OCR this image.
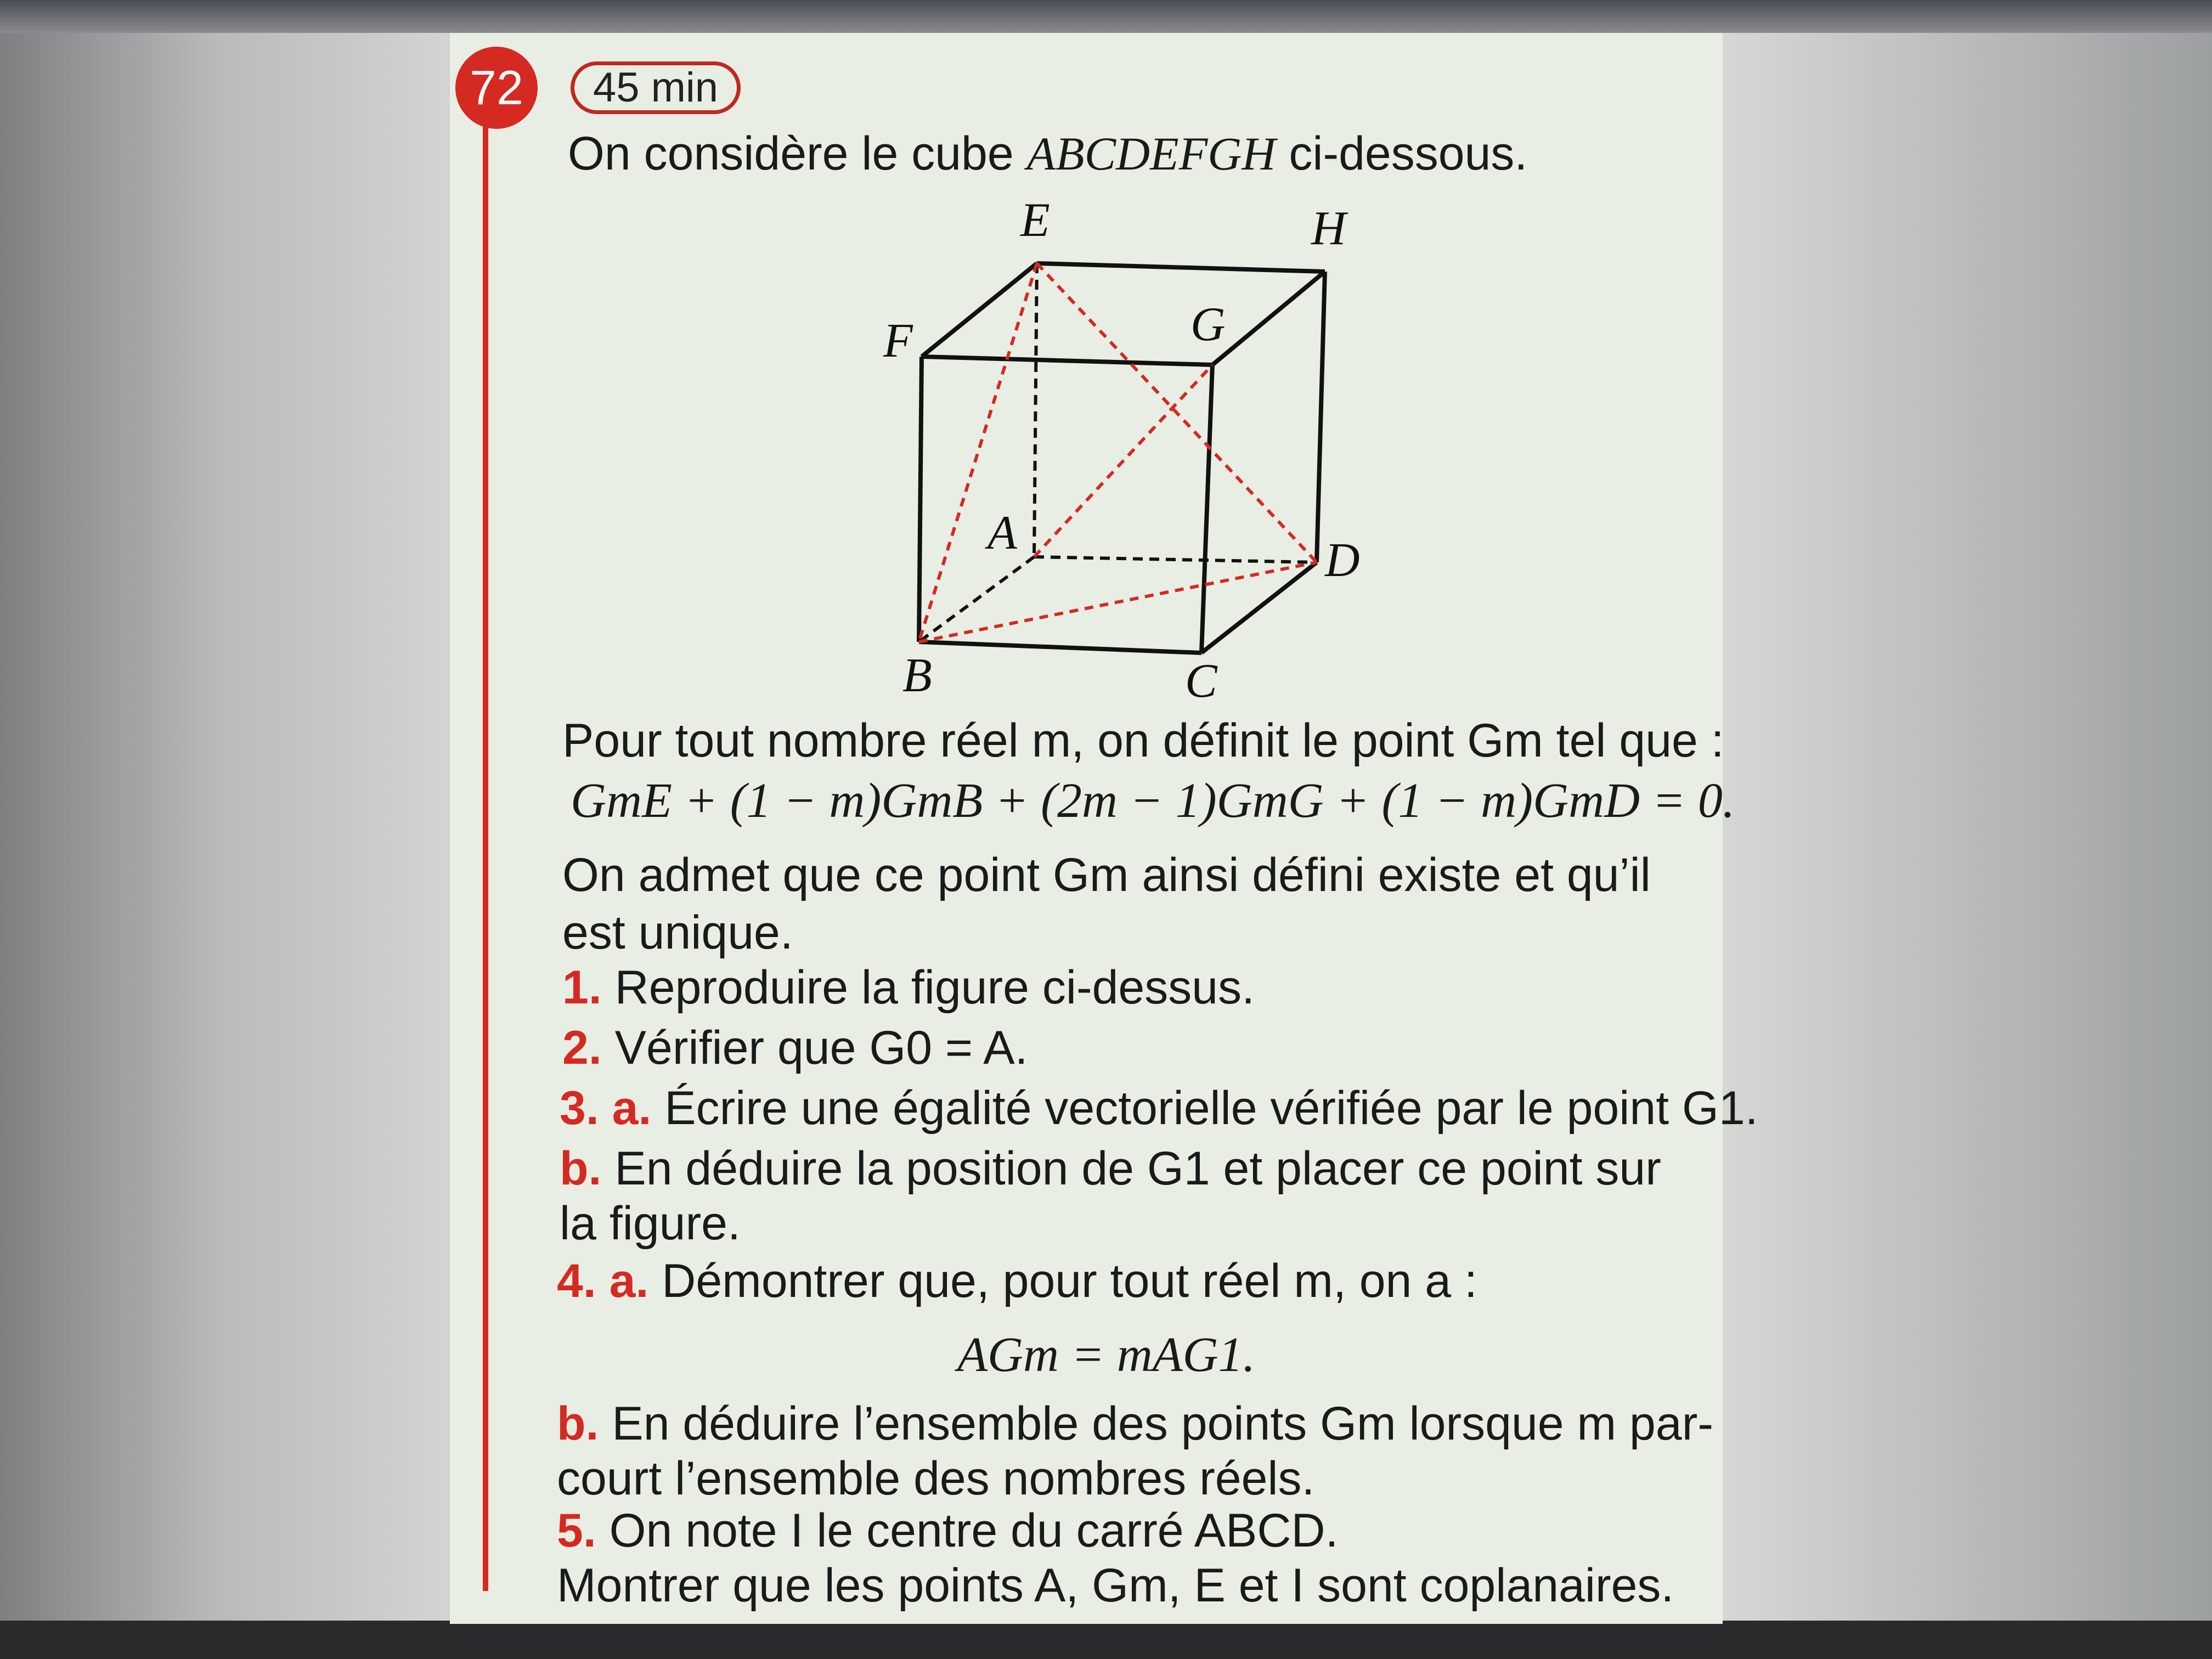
72	45 min
On considère le cube ABCDEFGH ci-dessous.
E	H
F	G
A
D
B	C
Pour tout nombre réel m, on définit le point Gm tel que :
GmE + (1 − m)GmB + (2m − 1)GmG + (1 − m)GmD = 0.
On admet que ce point Gm ainsi défini existe et qu’il
est unique.
1. Reproduire la figure ci-dessus.
2. Vérifier que G0 = A.
3. a. Écrire une égalité vectorielle vérifiée par le point G1.
b. En déduire la position de G1 et placer ce point sur
la figure.
4. a. Démontrer que, pour tout réel m, on a :
AGm = mAG1.
b. En déduire l’ensemble des points Gm lorsque m par-
court l’ensemble des nombres réels.
5. On note I le centre du carré ABCD.
Montrer que les points A, Gm, E et I sont coplanaires.
